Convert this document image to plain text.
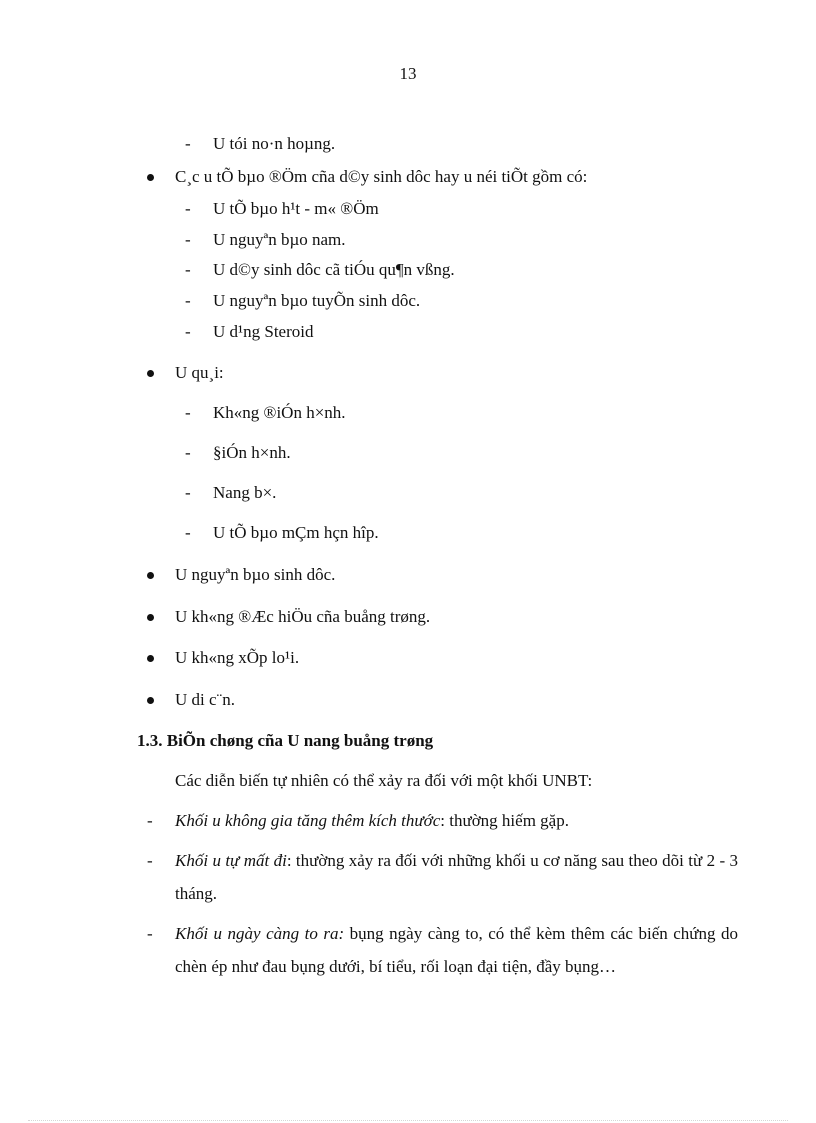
13
- U tói no·n hoµng.
C¸c u tÕ bµo ®Öm cña d©y sinh dôc hay u néi tiÕt gồm có:
- U tÕ bµo h¹t - m« ®Öm
- U nguyªn bµo nam.
- U d©y sinh dôc cã tiÓu qu¶n vßng.
- U nguyªn bµo tuyÕn sinh dôc.
- U d¹ng Steroid
U qu¸i:
- Kh«ng ®iÓn h×nh.
- §iÓn h×nh.
- Nang b×.
- U tÕ bµo mÇm hçn hîp.
U nguyªn bµo sinh dôc.
U kh«ng ®Æc hiÖu cña buång trøng.
U kh«ng xÕp lo¹i.
U di c¨n.
1.3. BiÕn chøng cña U nang buång trøng
Các diễn biến tự nhiên có thể xảy ra đối với một khối UNBT:
- Khối u không gia tăng thêm kích thước: thường hiếm gặp.
- Khối u tự mất đi: thường xảy ra đối với những khối u cơ năng sau theo dõi từ 2 - 3 tháng.
- Khối u ngày càng to ra: bụng ngày càng to, có thể kèm thêm các biến chứng do chèn ép như đau bụng dưới, bí tiểu, rối loạn đại tiện, đầy bụng…
